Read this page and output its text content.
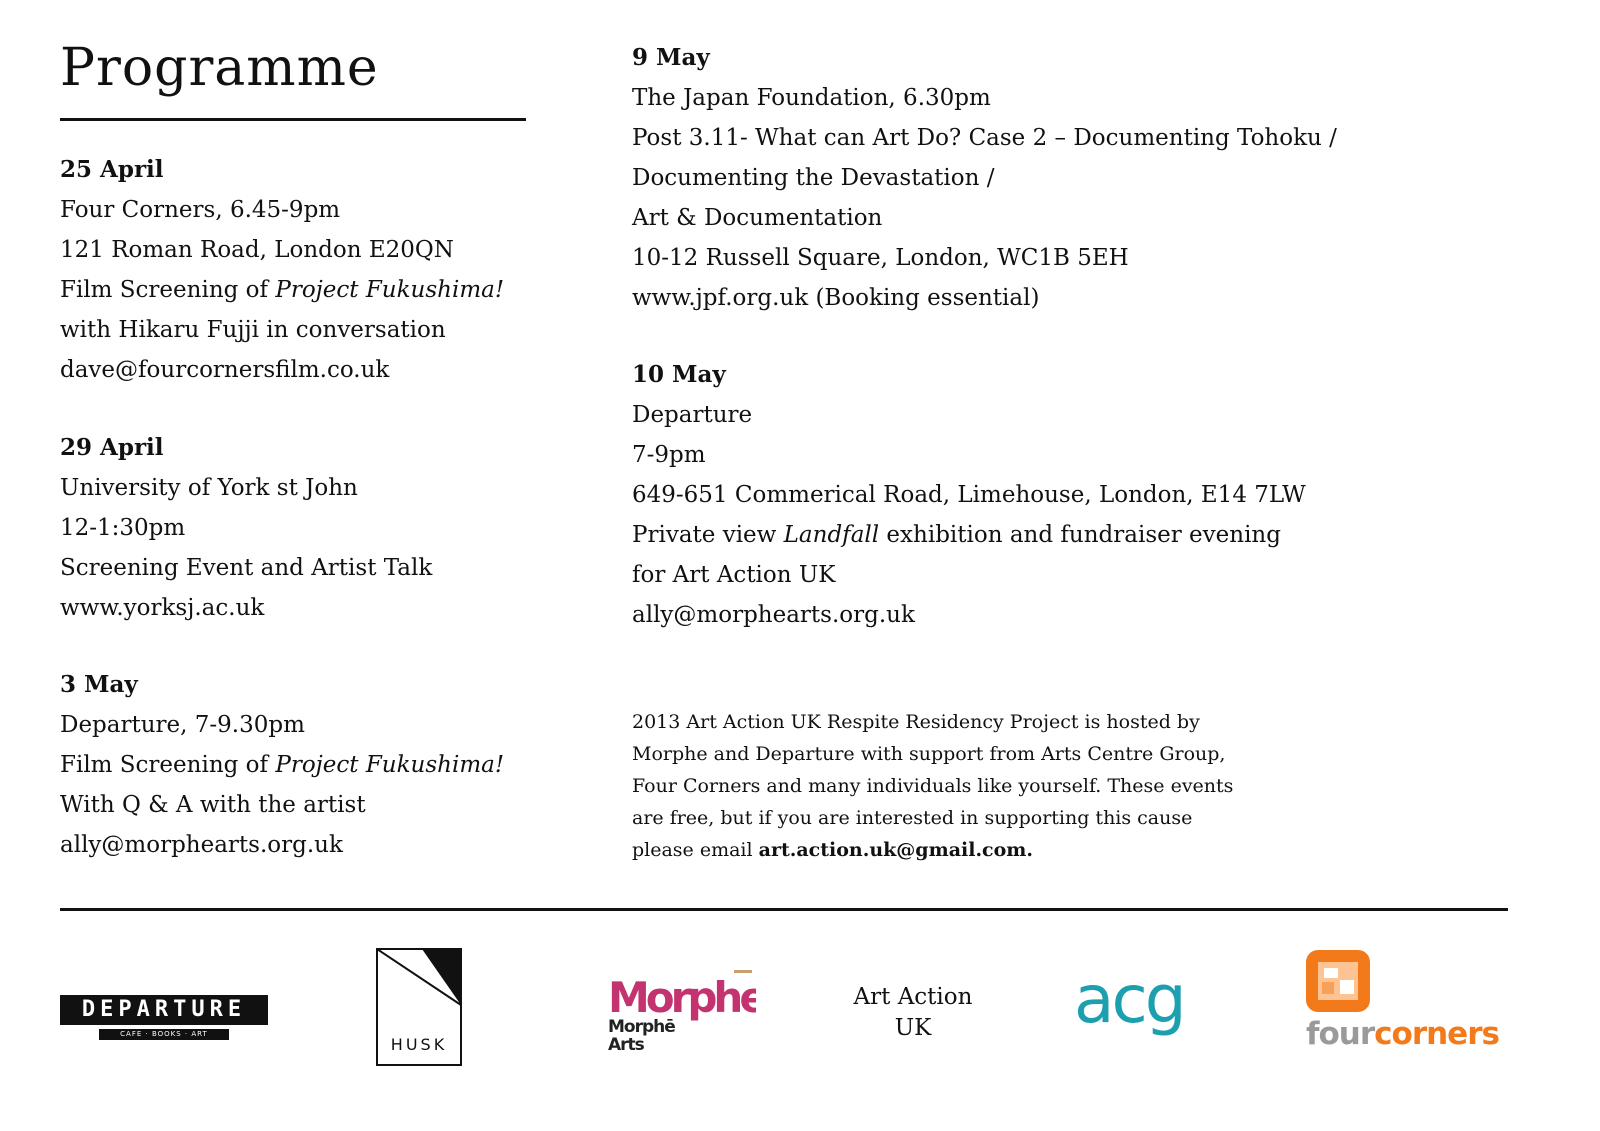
Programme
25 April
Four Corners, 6.45-9pm
121 Roman Road, London E20QN
Film Screening of Project Fukushima!
with Hikaru Fujji in conversation
dave@fourcornersfilm.co.uk
29 April
University of York st John
12-1:30pm
Screening Event and Artist Talk
www.yorksj.ac.uk
3 May
Departure, 7-9.30pm
Film Screening of Project Fukushima!
With Q & A with the artist
ally@morphearts.org.uk
9 May
The Japan Foundation, 6.30pm
Post 3.11- What can Art Do? Case 2 – Documenting Tohoku /
Documenting the Devastation /
Art & Documentation
10-12 Russell Square, London, WC1B 5EH
www.jpf.org.uk (Booking essential)
10 May
Departure
7-9pm
649-651 Commerical Road, Limehouse, London, E14 7LW
Private view Landfall exhibition and fundraiser evening
for Art Action UK
ally@morphearts.org.uk

2013 Art Action UK Respite Residency Project is hosted by

Morphe and Departure with support from Arts Centre Group,

Four Corners and many individuals like yourself. These events

are free, but if you are interested in supporting this cause

please email art.action.uk@gmail.com.

DEPARTURE
CAFE · BOOKS · ART
HUSK
Morphe
Morphē
Arts
Art Action
UK	acg	fourcorners
